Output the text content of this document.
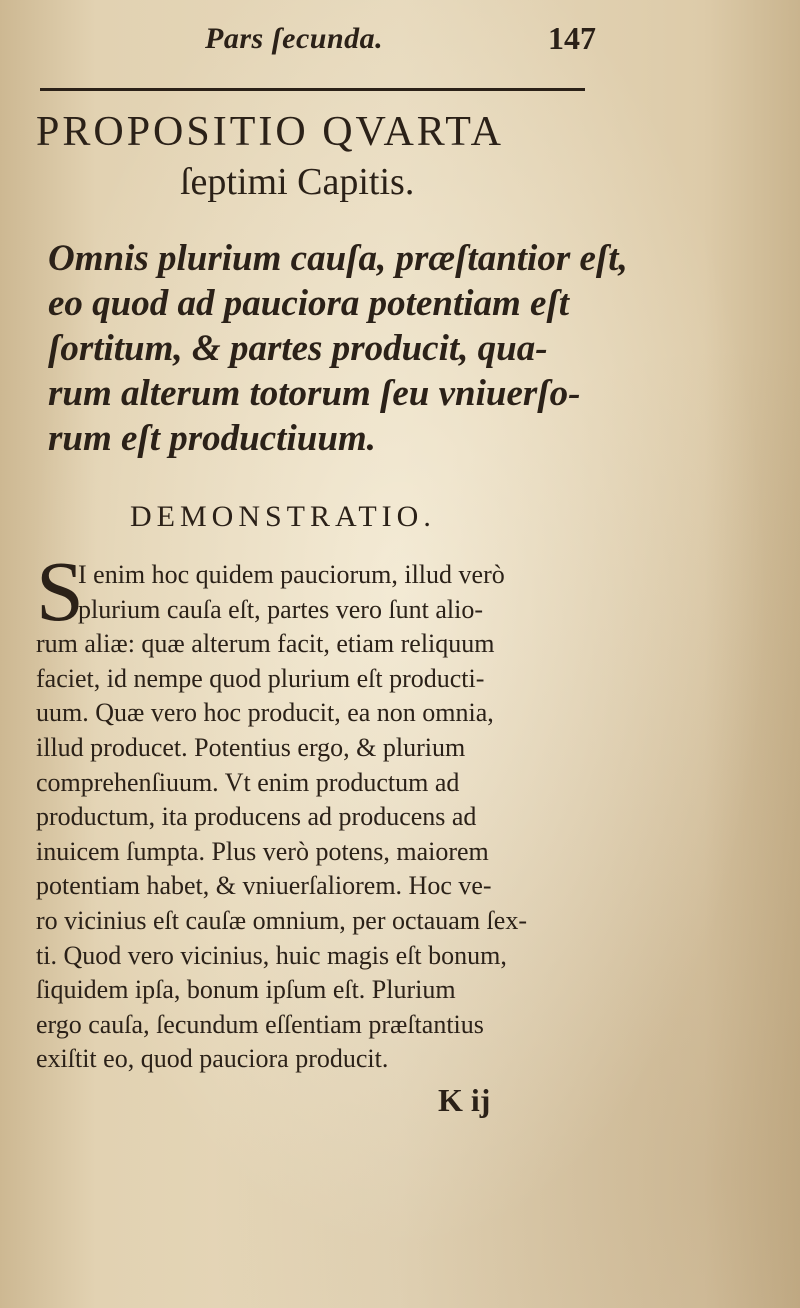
Pars ſecunda.	147
PROPOSITIO QVARTA
ſeptimi Capitis.
Omnis plurium cauſa, præſtantior eſt,
eo quod ad pauciora potentiam eſt
ſortitum, & partes producit, qua-
rum alterum totorum ſeu vniuerſo-
rum eſt productiuum.
DEMONSTRATIO.
S
I enim hoc quidem pauciorum, illud verò
plurium cauſa eſt, partes vero ſunt alio-
rum aliæ: quæ alterum facit, etiam reliquum
faciet, id nempe quod plurium eſt producti-
uum. Quæ vero hoc producit, ea non omnia,
illud producet. Potentius ergo, & plurium
comprehenſiuum. Vt enim productum ad
productum, ita producens ad producens ad
inuicem ſumpta. Plus verò potens, maiorem
potentiam habet, & vniuerſaliorem. Hoc ve-
ro vicinius eſt cauſæ omnium, per octauam ſex-
ti. Quod vero vicinius, huic magis eſt bonum,
ſiquidem ipſa, bonum ipſum eſt. Plurium
ergo cauſa, ſecundum eſſentiam præſtantius
exiſtit eo, quod pauciora producit.
K ij
